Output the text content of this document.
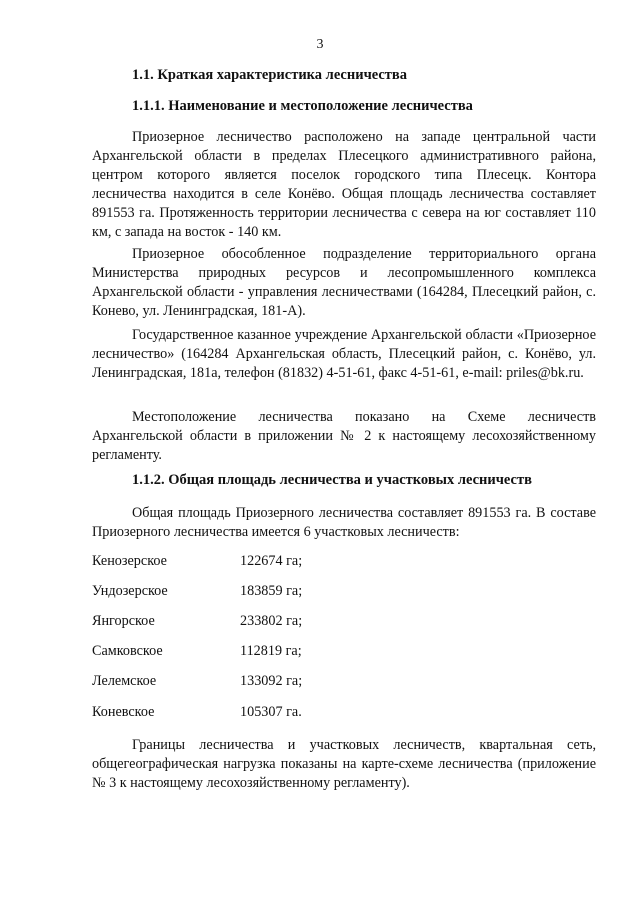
3
1.1. Краткая характеристика лесничества
1.1.1. Наименование и местоположение лесничества
Приозерное лесничество расположено на западе центральной части Архангельской области в пределах Плесецкого административного района, центром которого является поселок городского типа Плесецк. Контора лесничества находится в селе Конёво. Общая площадь лесничества составляет 891553 га. Протяженность территории лесничества с севера на юг составляет 110 км, с запада на восток - 140 км.
Приозерное обособленное подразделение территориального органа Министерства природных ресурсов и лесопромышленного комплекса Архангельской области - управления лесничествами (164284, Плесецкий район, с. Конево, ул. Ленинградская, 181-А).
Государственное казанное учреждение Архангельской области «Приозерное лесничество» (164284 Архангельская область, Плесецкий район, с. Конёво, ул. Ленинградская, 181а, телефон (81832) 4-51-61, факс 4-51-61, e-mail: priles@bk.ru.
Местоположение лесничества показано на Схеме лесничеств Архангельской области в приложении № 2 к настоящему лесохозяйственному регламенту.
1.1.2. Общая площадь лесничества и участковых лесничеств
Общая площадь Приозерного лесничества составляет 891553 га. В составе Приозерного лесничества имеется 6 участковых лесничеств:
Кенозерское	122674 га;
Ундозерское	183859 га;
Янгорское	233802 га;
Самковское	112819 га;
Лелемское	133092 га;
Коневское	105307 га.
Границы лесничества и участковых лесничеств, квартальная сеть, общегеографическая нагрузка показаны на карте-схеме лесничества (приложение № 3 к настоящему лесохозяйственному регламенту).
